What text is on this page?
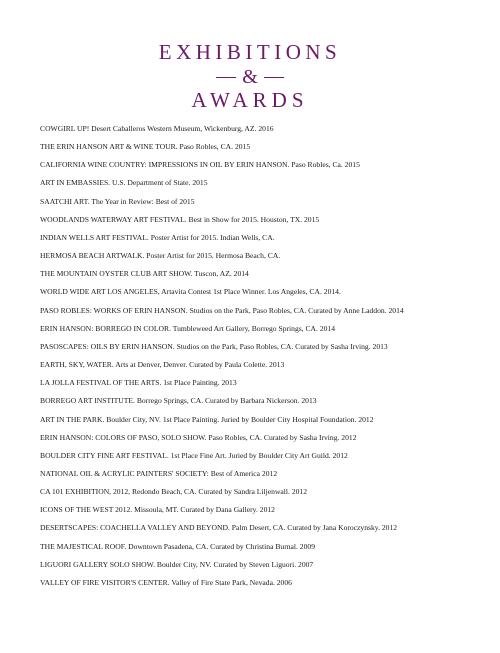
EXHIBITIONS
&
AWARDS
COWGIRL UP! Desert Caballeros Western Museum, Wickenburg, AZ. 2016
THE ERIN HANSON ART & WINE TOUR. Paso Robles, CA. 2015
CALIFORNIA WINE COUNTRY: IMPRESSIONS IN OIL BY ERIN HANSON. Paso Robles, Ca. 2015
ART IN EMBASSIES. U.S. Department of State. 2015
SAATCHI ART. The Year in Review: Best of 2015
WOODLANDS WATERWAY ART FESTIVAL. Best in Show for 2015. Houston, TX. 2015
INDIAN WELLS ART FESTIVAL. Poster Artist for 2015. Indian Wells, CA.
HERMOSA BEACH ARTWALK. Poster Artist for 2015. Hermosa Beach, CA.
THE MOUNTAIN OYSTER CLUB ART SHOW. Tuscon, AZ. 2014
WORLD WIDE ART LOS ANGELES, Artavita Contest 1st Place Winner. Los Angeles, CA. 2014.
PASO ROBLES: WORKS OF ERIN HANSON. Studios on the Park, Paso Robles, CA. Curated by Anne Laddon. 2014
ERIN HANSON: BORREGO IN COLOR. Tumbleweed Art Gallery, Borrego Springs, CA. 2014
PASOSCAPES: OILS BY ERIN HANSON. Studios on the Park, Paso Robles, CA. Curated by Sasha Irving. 2013
EARTH, SKY, WATER. Arts at Denver, Denver. Curated by Paula Colette. 2013
LA JOLLA FESTIVAL OF THE ARTS. 1st Place Painting. 2013
BORREGO ART INSTITUTE. Borrego Springs, CA. Curated by Barbara Nickerson. 2013
ART IN THE PARK. Boulder City, NV. 1st Place Painting. Juried by Boulder City Hospital Foundation. 2012
ERIN HANSON: COLORS OF PASO, SOLO SHOW. Paso Robles, CA. Curated by Sasha Irving. 2012
BOULDER CITY FINE ART FESTIVAL. 1st Place Fine Art. Juried by Boulder City Art Guild. 2012
NATIONAL OIL & ACRYLIC PAINTERS' SOCIETY: Best of America 2012
CA 101 EXHIBITION, 2012, Redondo Beach, CA. Curated by Sandra Liljenwall. 2012
ICONS OF THE WEST 2012. Missoula, MT. Curated by Dana Gallery. 2012
DESERTSCAPES: COACHELLA VALLEY AND BEYOND. Palm Desert, CA. Curated by Jana Koroczynsky. 2012
THE MAJESTICAL ROOF. Downtown Pasadena, CA. Curated by Christina Burnal. 2009
LIGUORI GALLERY SOLO SHOW. Boulder City, NV. Curated by Steven Liguori. 2007
VALLEY OF FIRE VISITOR'S CENTER. Valley of Fire State Park, Nevada. 2006
